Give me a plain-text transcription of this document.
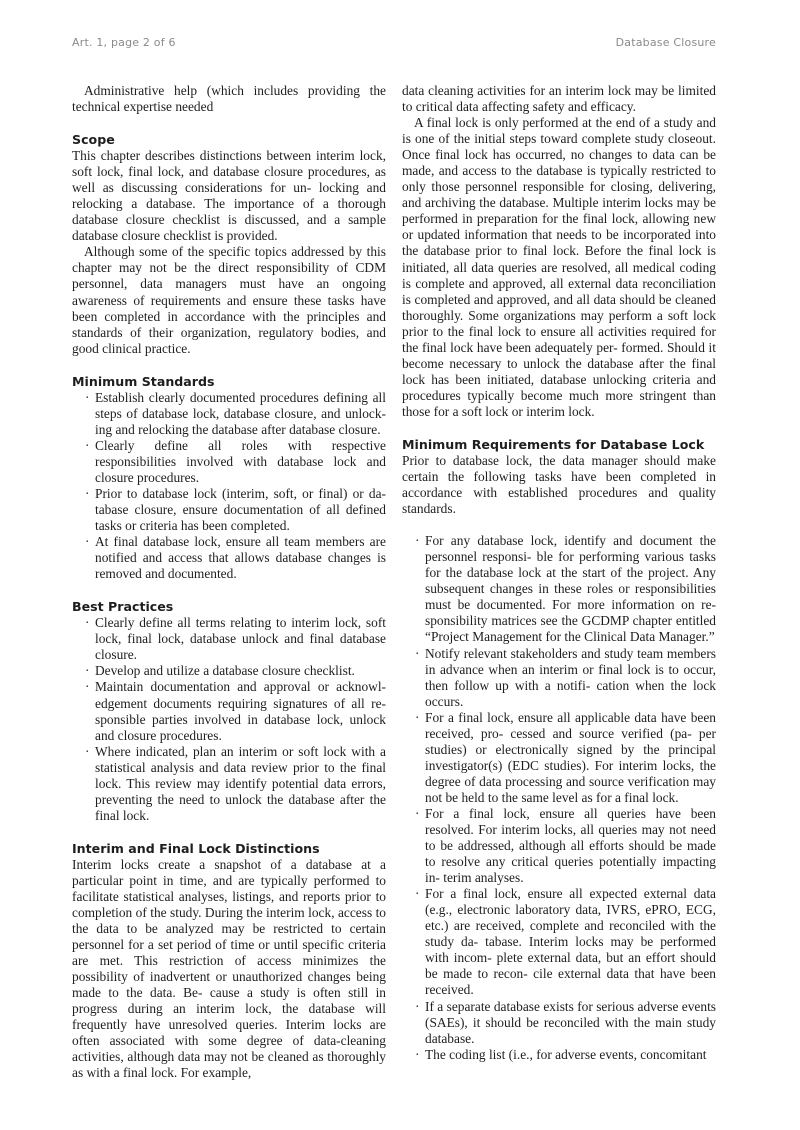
Art. 1, page 2 of 6	Database Closure

Administrative help (which includes providing the technical expertise needed

Scope

This chapter describes distinctions between interim lock, soft lock, final lock, and database closure procedures, as well as discussing considerations for un- locking and relocking a database. The importance of a thorough database closure checklist is discussed, and a sample database closure checklist is provided.

Although some of the specific topics addressed by this chapter may not be the direct responsibility of CDM personnel, data managers must have an ongoing awareness of requirements and ensure these tasks have been completed in accordance with the principles and standards of their organization, regulatory bodies, and good clinical practice.

Minimum Standards
· Establish clearly documented procedures defining all steps of database lock, database closure, and unlock- ing and relocking the database after database closure.
· Clearly define all roles with respective responsibilities involved with database lock and closure procedures.
· Prior to database lock (interim, soft, or final) or da- tabase closure, ensure documentation of all defined tasks or criteria has been completed.
· At final database lock, ensure all team members are notified and access that allows database changes is removed and documented.
Best Practices
· Clearly define all terms relating to interim lock, soft lock, final lock, database unlock and final database closure.
· Develop and utilize a database closure checklist.
· Maintain documentation and approval or acknowl- edgement documents requiring signatures of all re- sponsible parties involved in database lock, unlock and closure procedures.
· Where indicated, plan an interim or soft lock with a statistical analysis and data review prior to the final lock. This review may identify potential data errors, preventing the need to unlock the database after the final lock.
Interim and Final Lock Distinctions

Interim locks create a snapshot of a database at a particular point in time, and are typically performed to facilitate statistical analyses, listings, and reports prior to completion of the study. During the interim lock, access to the data to be analyzed may be restricted to certain personnel for a set period of time or until specific criteria are met. This restriction of access minimizes the possibility of inadvertent or unauthorized changes being made to the data. Be- cause a study is often still in progress during an interim lock, the database will frequently have unresolved queries. Interim locks are often associated with some degree of data-cleaning activities, although data may not be cleaned as thoroughly as with a final lock. For example,

data cleaning activities for an interim lock may be limited to critical data affecting safety and efficacy.

A final lock is only performed at the end of a study and is one of the initial steps toward complete study closeout. Once final lock has occurred, no changes to data can be made, and access to the database is typically restricted to only those personnel responsible for closing, delivering, and archiving the database. Multiple interim locks may be performed in preparation for the final lock, allowing new or updated information that needs to be incorporated into the database prior to final lock. Before the final lock is initiated, all data queries are resolved, all medical coding is complete and approved, all external data reconciliation is completed and approved, and all data should be cleaned thoroughly. Some organizations may perform a soft lock prior to the final lock to ensure all activities required for the final lock have been adequately per- formed. Should it become necessary to unlock the database after the final lock has been initiated, database unlocking criteria and procedures typically become much more stringent than those for a soft lock or interim lock.

Minimum Requirements for Database Lock

Prior to database lock, the data manager should make certain the following tasks have been completed in accordance with established procedures and quality standards.

· For any database lock, identify and document the personnel responsi- ble for performing various tasks for the database lock at the start of the project. Any subsequent changes in these roles or responsibilities must be documented. For more information on re- sponsibility matrices see the GCDMP chapter entitled “Project Management for the Clinical Data Manager.”
· Notify relevant stakeholders and study team members in advance when an interim or final lock is to occur, then follow up with a notifi- cation when the lock occurs.
· For a final lock, ensure all applicable data have been received, pro- cessed and source verified (pa- per studies) or electronically signed by the principal investigator(s) (EDC studies). For interim locks, the degree of data processing and source verification may not be held to the same level as for a final lock.
· For a final lock, ensure all queries have been resolved. For interim locks, all queries may not need to be addressed, although all efforts should be made to resolve any critical queries potentially impacting in- terim analyses.
· For a final lock, ensure all expected external data (e.g., electronic laboratory data, IVRS, ePRO, ECG, etc.) are received, complete and reconciled with the study da- tabase. Interim locks may be performed with incom- plete external data, but an effort should be made to recon- cile external data that have been received.
· If a separate database exists for serious adverse events (SAEs), it should be reconciled with the main study database.
· The coding list (i.e., for adverse events, concomitant
